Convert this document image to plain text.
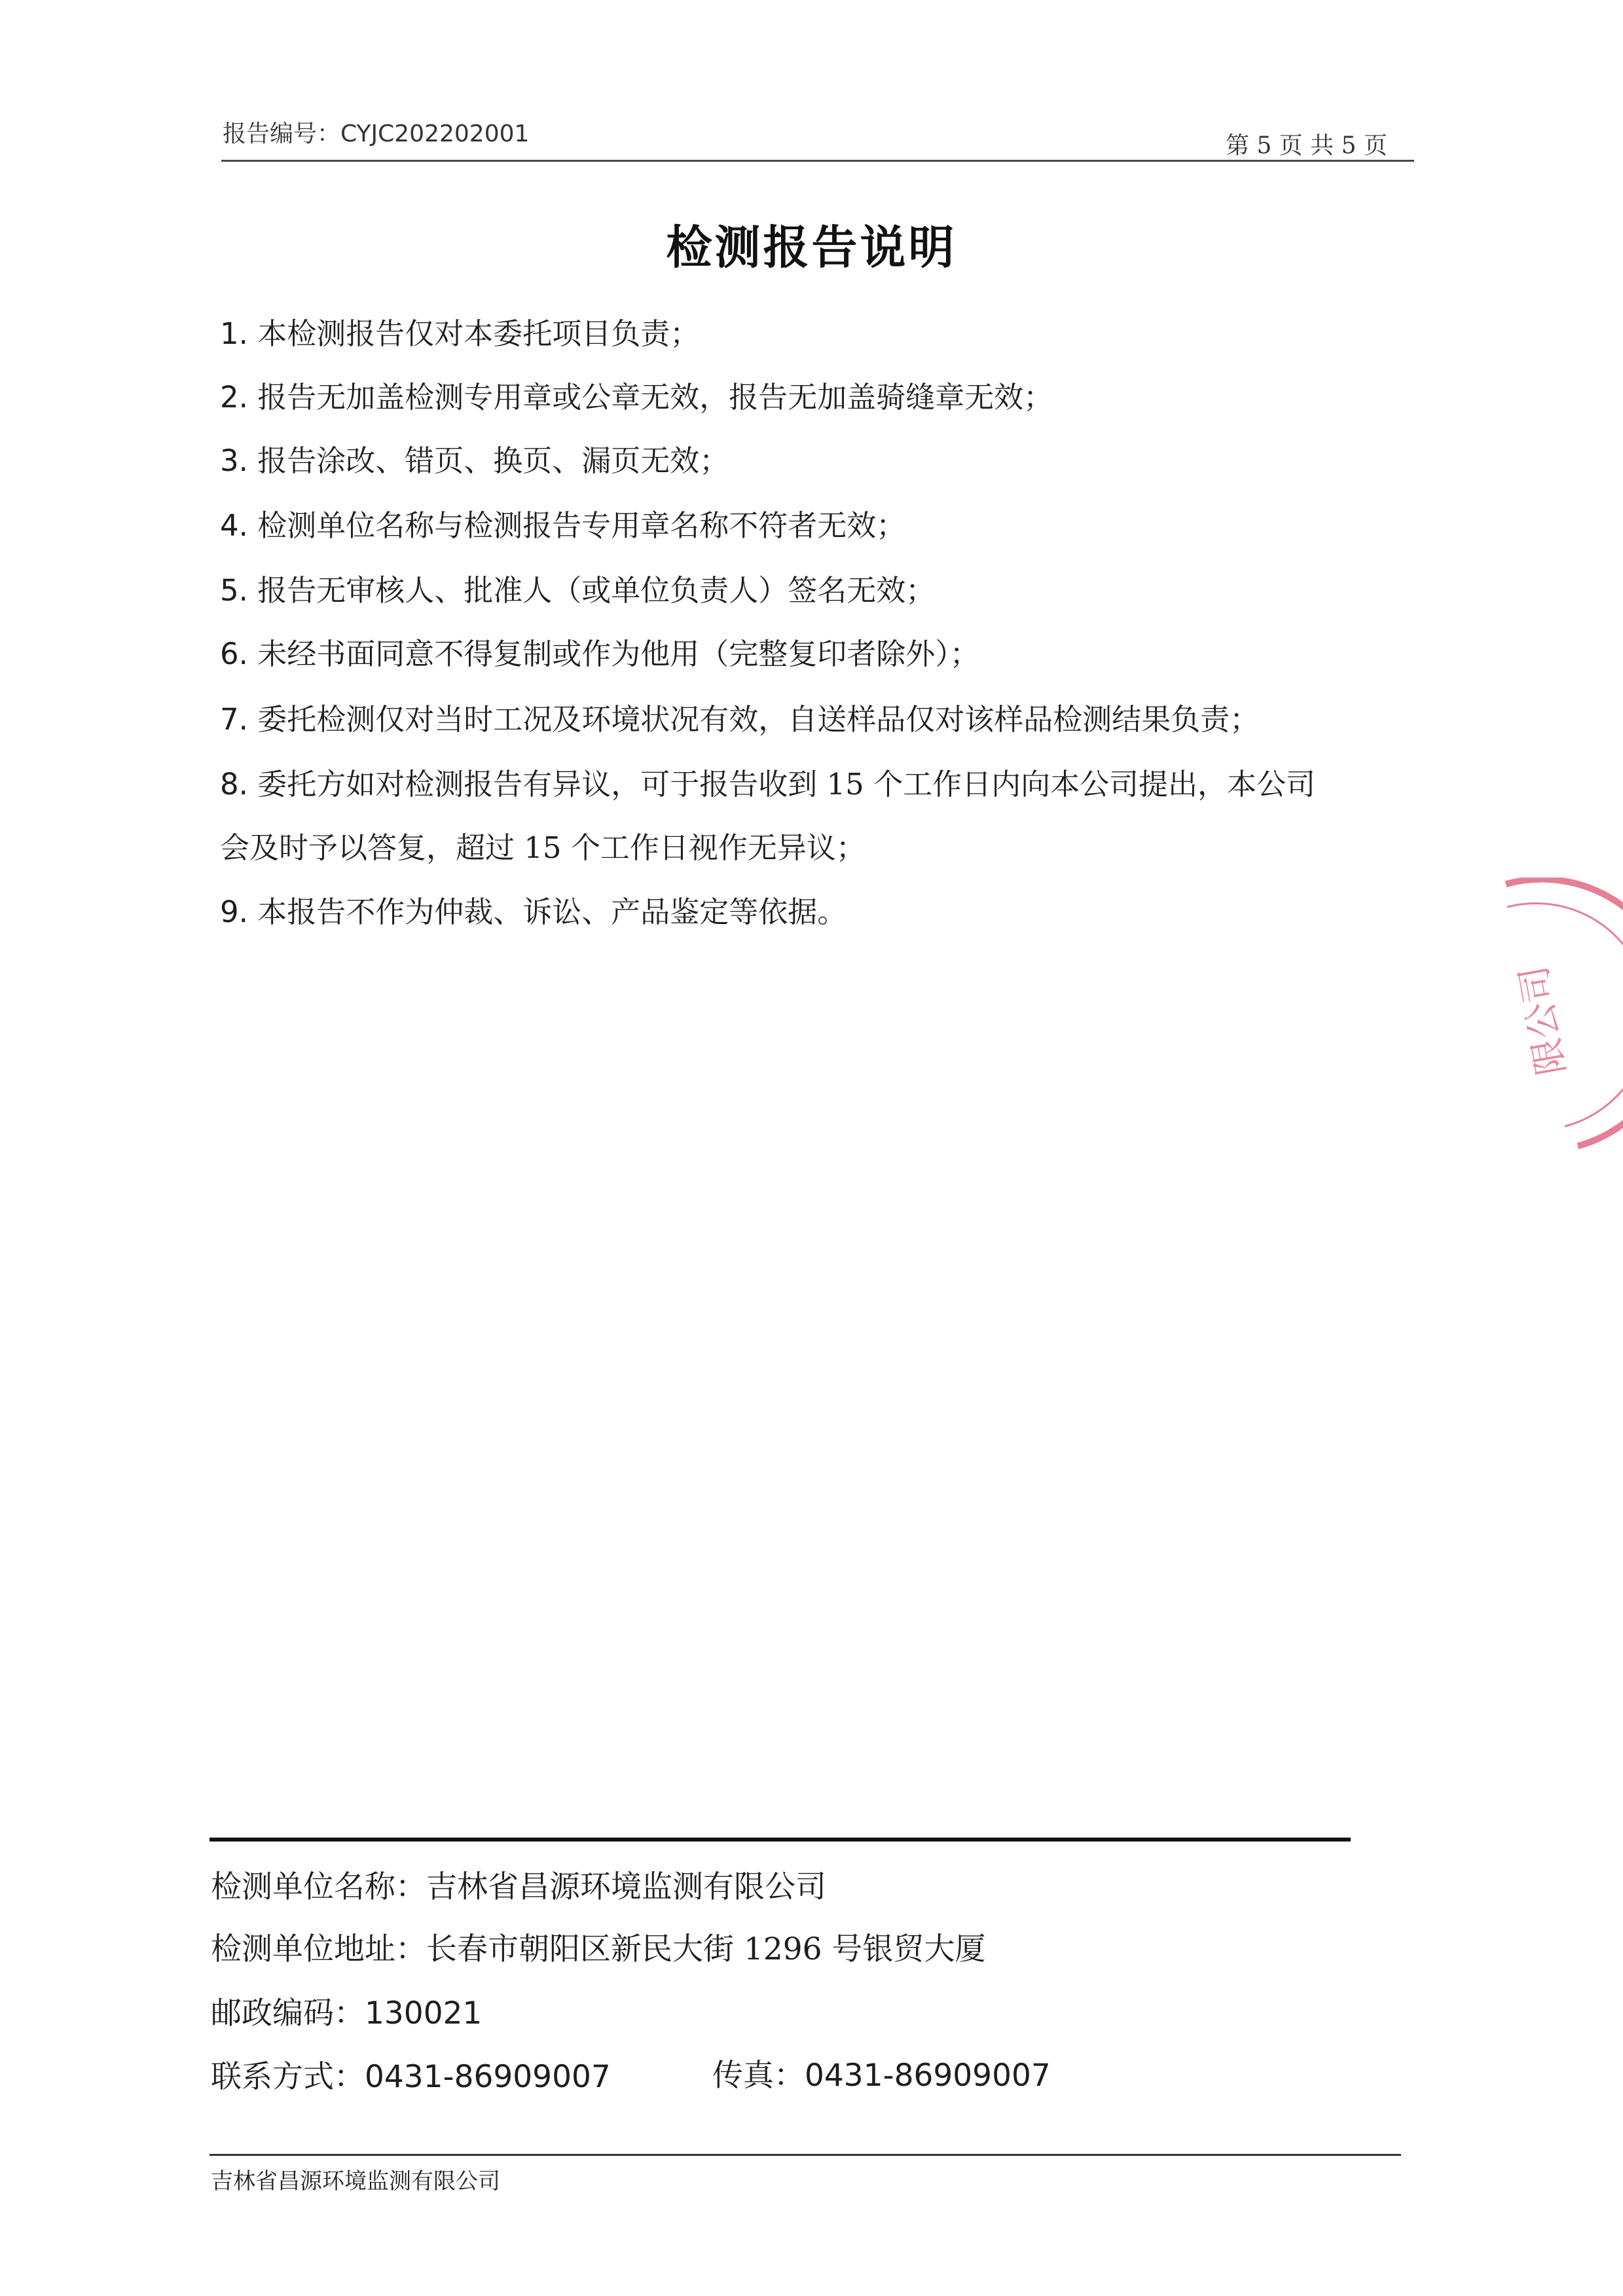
报告编号：CYJC202202001	第 5 页 共 5 页
检测报告说明
1. 本检测报告仅对本委托项目负责；
2. 报告无加盖检测专用章或公章无效，报告无加盖骑缝章无效；
3. 报告涂改、错页、换页、漏页无效；
4. 检测单位名称与检测报告专用章名称不符者无效；
5. 报告无审核人、批准人（或单位负责人）签名无效；
6. 未经书面同意不得复制或作为他用（完整复印者除外）；
7. 委托检测仅对当时工况及环境状况有效，自送样品仅对该样品检测结果负责；
8. 委托方如对检测报告有异议，可于报告收到 15 个工作日内向本公司提出，本公司
会及时予以答复，超过 15 个工作日视作无异议；
9. 本报告不作为仲裁、诉讼、产品鉴定等依据。
限公司
检测单位名称：吉林省昌源环境监测有限公司
检测单位地址：长春市朝阳区新民大街 1296 号银贸大厦
邮政编码：130021
联系方式：0431-86909007	传真：0431-86909007
吉林省昌源环境监测有限公司
